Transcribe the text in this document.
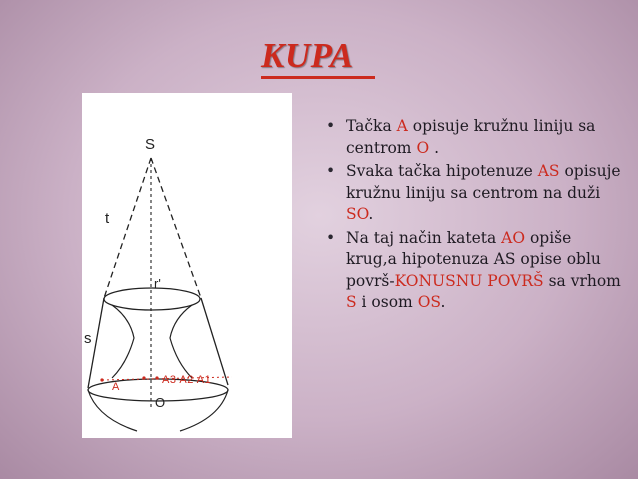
KUPA
S
t
r'
s
A
A3 A2 A1
O
• Tačka A opisuje kružnu liniju sa centrom O .
• Svaka tačka hipotenuze AS opisuje kružnu liniju sa centrom na duži SO.
• Na taj način kateta AO opiše krug,a hipotenuza AS opise oblu površ-KONUSNU POVRŠ sa vrhom S i osom OS.
